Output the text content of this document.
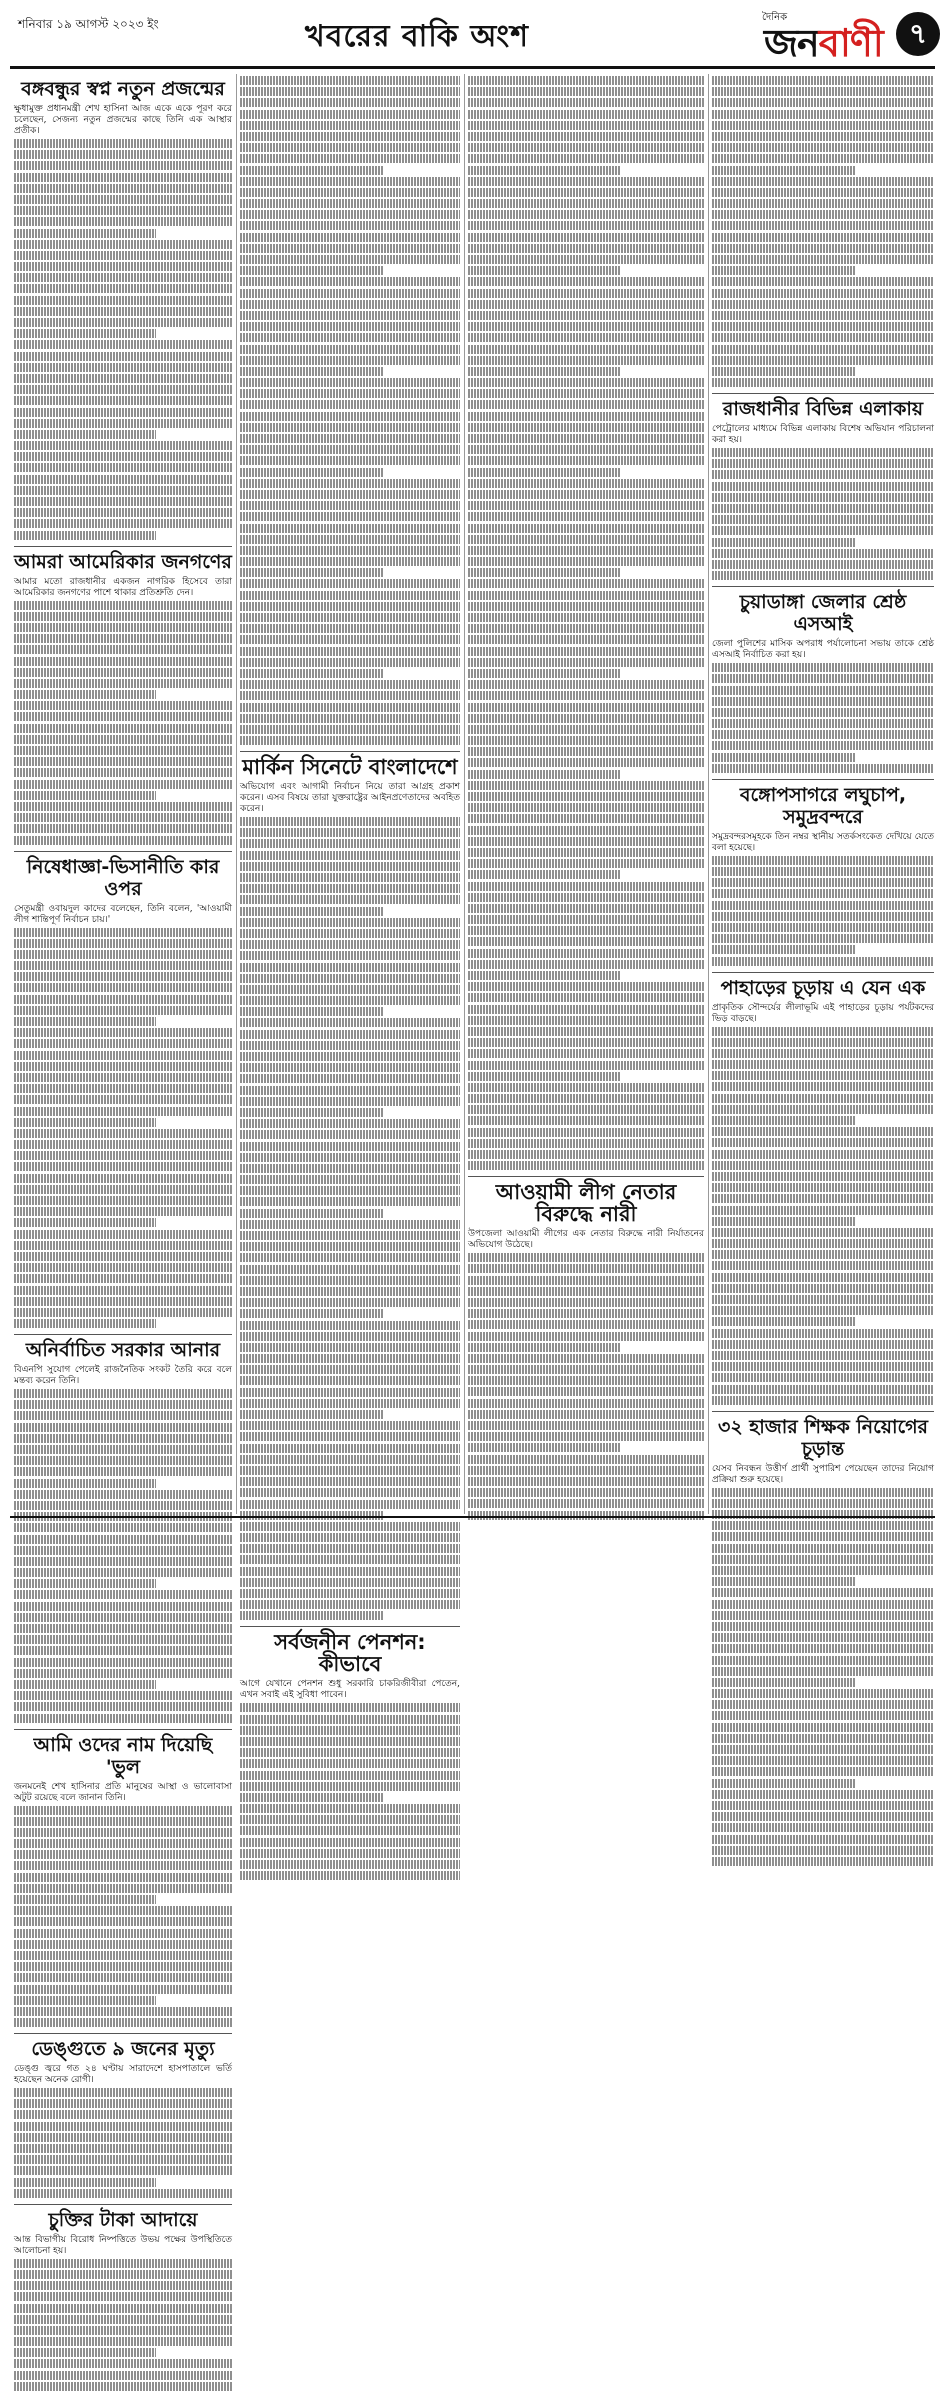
শনিবার ১৯ আগস্ট ২০২৩ ইং	খবরের বাকি অংশ
দৈনিক
জনবাণী ৭
বঙ্গবন্ধুর স্বপ্ন নতুন প্রজন্মের

ক্ষুধামুক্ত প্রধানমন্ত্রী শেখ হাসিনা আজ একে একে পূরণ করে চলেছেন, সেজন্য নতুন প্রজন্মের কাছে তিনি এক আস্থার প্রতীক।

আমরা আমেরিকার জনগণের

আমার মতো রাজধানীর একজন নাগরিক হিসেবে তারা আমেরিকার জনগণের পাশে থাকার প্রতিশ্রুতি দেন।

নিষেধাজ্ঞা-ভিসানীতি কার ওপর

সেতুমন্ত্রী ওবায়দুল কাদের বলেছেন, তিনি বলেন, 'আওয়ামী লীগ শান্তিপূর্ণ নির্বাচন চায়।'

অনির্বাচিত সরকার আনার

বিএনপি সুযোগ পেলেই রাজনৈতিক সংকট তৈরি করে বলে মন্তব্য করেন তিনি।

আমি ওদের নাম দিয়েছি 'ভুল

জনমনেই শেখ হাসিনার প্রতি মানুষের আস্থা ও ভালোবাসা অটুট রয়েছে বলে জানান তিনি।

ডেঙ্গুতে ৯ জনের মৃত্যু

ডেঙ্গু জ্বরে গত ২৪ ঘণ্টায় সারাদেশে হাসপাতালে ভর্তি হয়েছেন অনেক রোগী।

চুক্তির টাকা আদায়ে

আন্ত বিভাগীয় বিরোধ নিষ্পত্তিতে উভয় পক্ষের উপস্থিতিতে আলোচনা হয়।

মার্কিন সিনেটে বাংলাদেশে

অভিযোগ এবং আগামী নির্বাচন নিয়ে তারা আগ্রহ প্রকাশ করেন। এসব বিষয়ে তারা যুক্তরাষ্ট্রের আইনপ্রণেতাদের অবহিত করেন।

সর্বজনীন পেনশন: কীভাবে

আগে যেখানে পেনশন শুধু সরকারি চাকরিজীবীরা পেতেন, এখন সবাই এই সুবিধা পাবেন।

আওয়ামী লীগ নেতার বিরুদ্ধে নারী

উপজেলা আওয়ামী লীগের এক নেতার বিরুদ্ধে নারী নির্যাতনের অভিযোগ উঠেছে।

রাজধানীর বিভিন্ন এলাকায়

পেট্রোলের মাধ্যমে বিভিন্ন এলাকায় বিশেষ অভিযান পরিচালনা করা হয়।

চুয়াডাঙ্গা জেলার শ্রেষ্ঠ এসআই

জেলা পুলিশের মাসিক অপরাধ পর্যালোচনা সভায় তাকে শ্রেষ্ঠ এসআই নির্বাচিত করা হয়।

বঙ্গোপসাগরে লঘুচাপ, সমুদ্রবন্দরে

সমুদ্রবন্দরসমূহকে তিন নম্বর স্থানীয় সতর্কসংকেত দেখিয়ে যেতে বলা হয়েছে।

পাহাড়ের চূড়ায় এ যেন এক

প্রাকৃতিক সৌন্দর্যের লীলাভূমি এই পাহাড়ের চূড়ায় পর্যটকদের ভিড় বাড়ছে।

৩২ হাজার শিক্ষক নিয়োগের চূড়ান্ত

যেসব নিবন্ধন উত্তীর্ণ প্রার্থী সুপারিশ পেয়েছেন তাদের নিয়োগ প্রক্রিয়া শুরু হয়েছে।
